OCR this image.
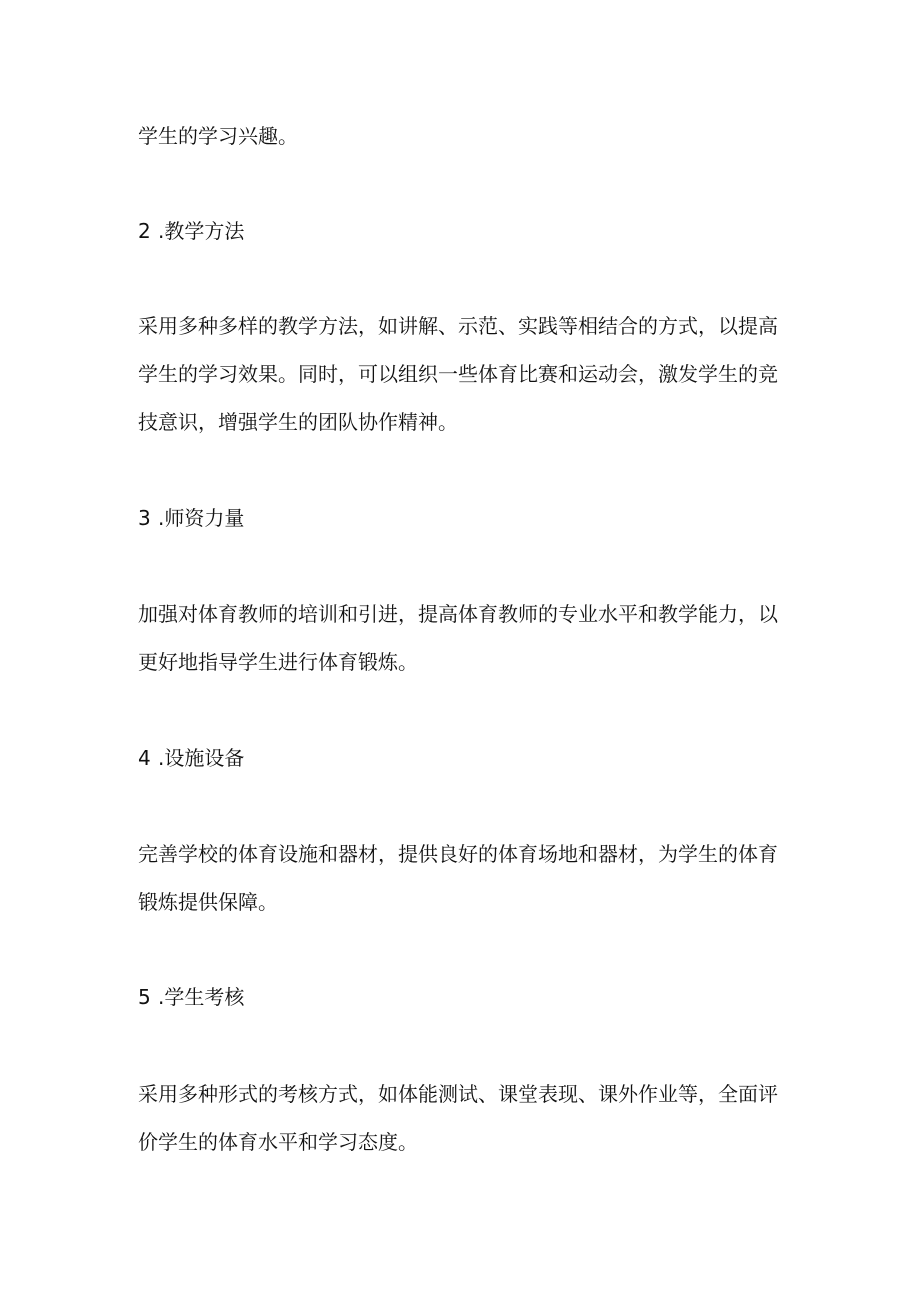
学生的学习兴趣。
2 .教学方法
采用多种多样的教学方法，如讲解、示范、实践等相结合的方式，以提高
学生的学习效果。同时，可以组织一些体育比赛和运动会，激发学生的竞
技意识，增强学生的团队协作精神。
3 .师资力量
加强对体育教师的培训和引进，提高体育教师的专业水平和教学能力，以
更好地指导学生进行体育锻炼。
4 .设施设备
完善学校的体育设施和器材，提供良好的体育场地和器材，为学生的体育
锻炼提供保障。
5 .学生考核
采用多种形式的考核方式，如体能测试、课堂表现、课外作业等，全面评
价学生的体育水平和学习态度。
